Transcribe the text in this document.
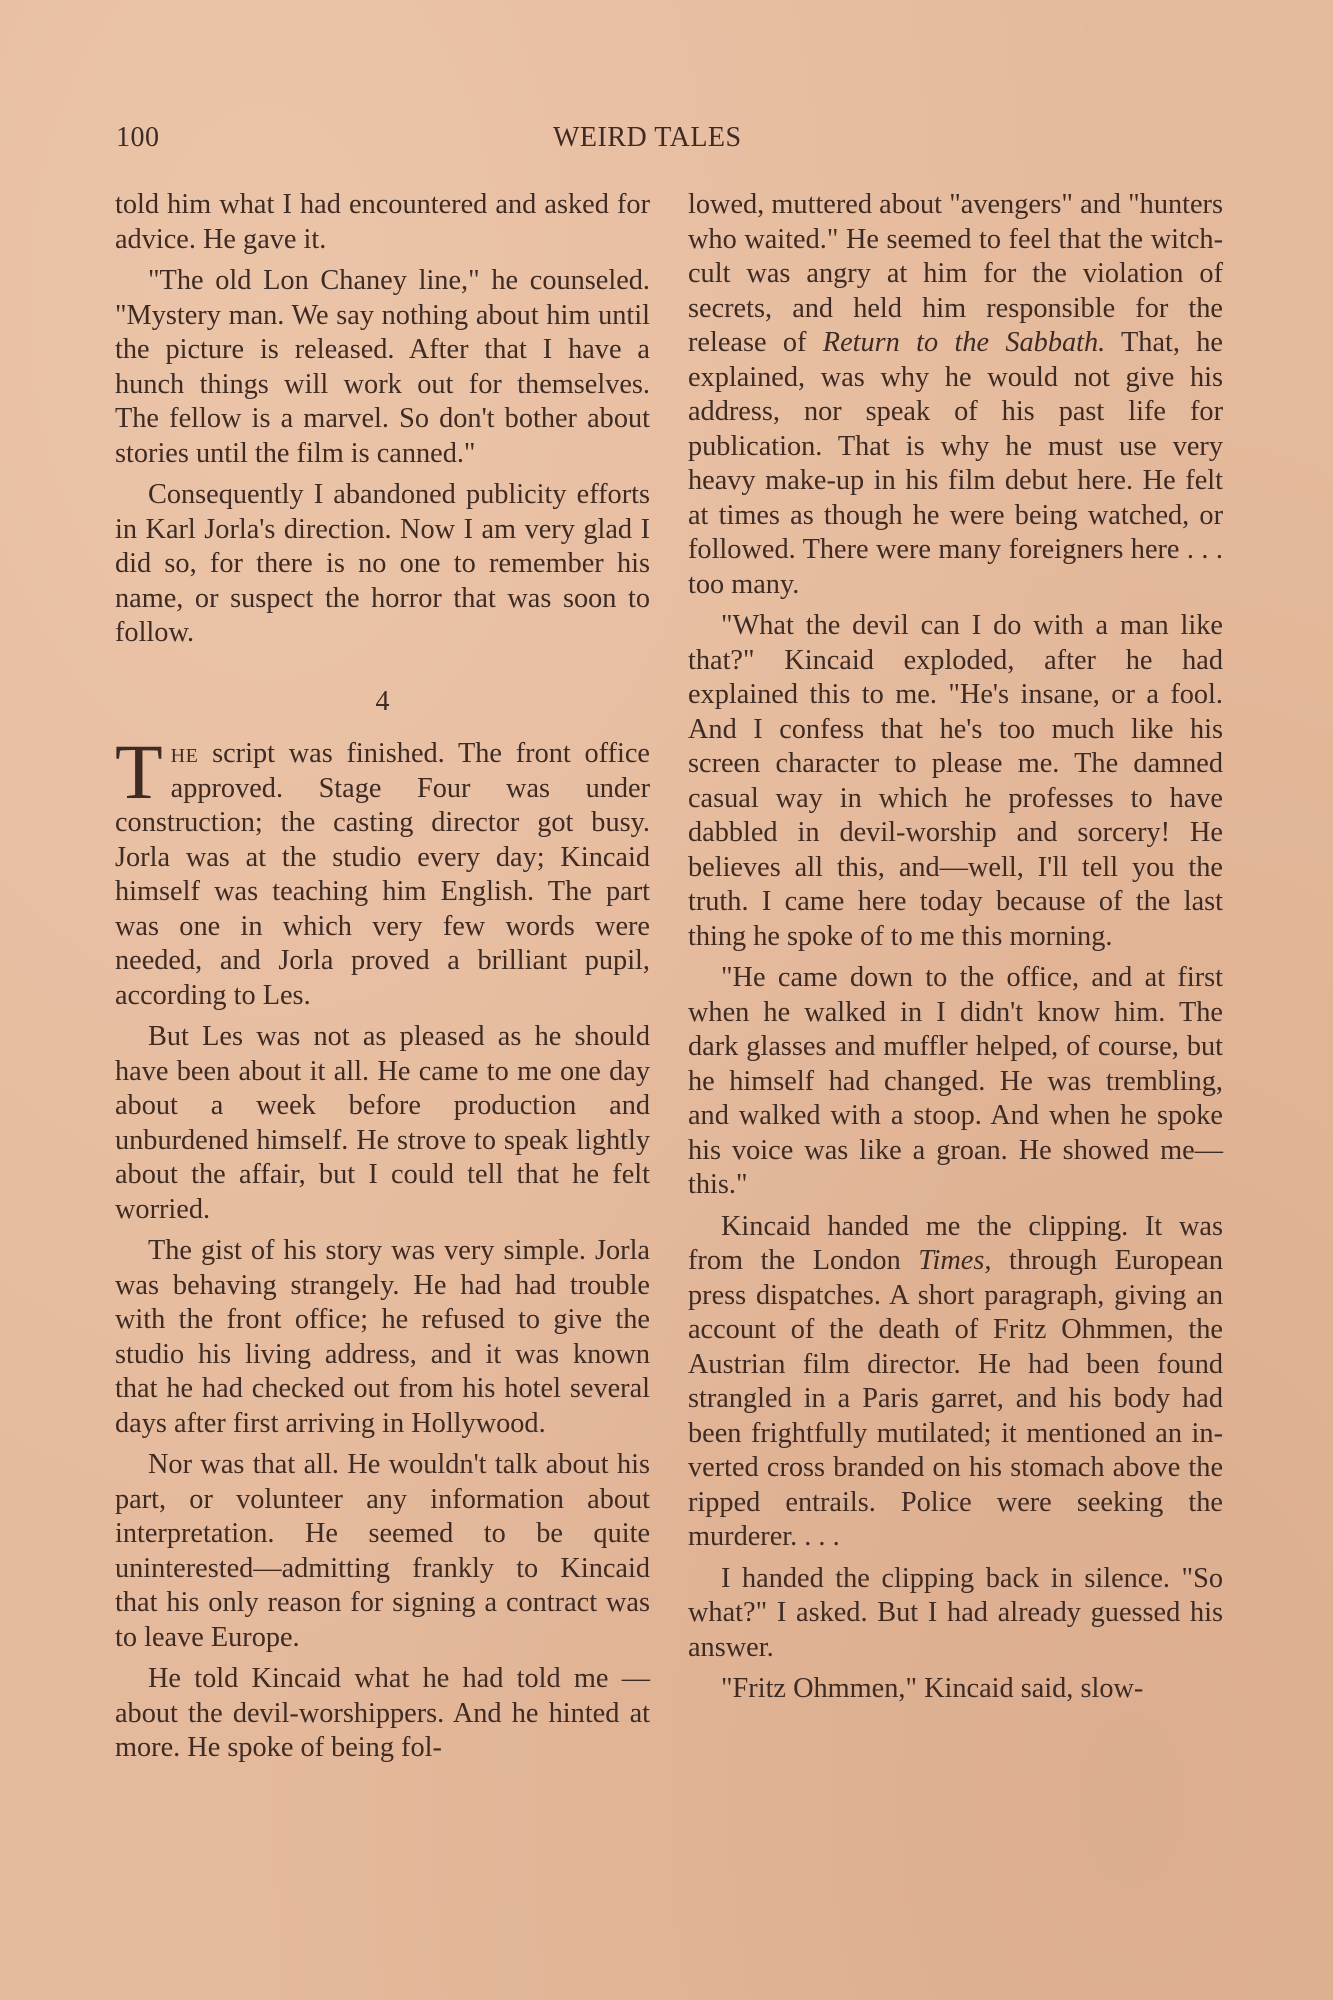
100	WEIRD TALES

told him what I had encountered and asked for advice. He gave it.

"The old Lon Chaney line," he counseled. "Mystery man. We say nothing about him until the picture is released. After that I have a hunch things will work out for themselves. The fellow is a marvel. So don't bother about stories until the film is canned."

Consequently I abandoned publicity efforts in Karl Jorla's direction. Now I am very glad I did so, for there is no one to remember his name, or suspect the horror that was soon to follow.

4

The script was finished. The front office approved. Stage Four was under construction; the casting director got busy. Jorla was at the studio every day; Kincaid himself was teaching him English. The part was one in which very few words were needed, and Jorla proved a brilliant pupil, according to Les.

But Les was not as pleased as he should have been about it all. He came to me one day about a week before production and unburdened himself. He strove to speak lightly about the affair, but I could tell that he felt worried.

The gist of his story was very simple. Jorla was behaving strangely. He had had trouble with the front office; he refused to give the studio his living address, and it was known that he had checked out from his hotel several days after first arriving in Hollywood.

Nor was that all. He wouldn't talk about his part, or volunteer any information about interpretation. He seemed to be quite uninterested—admitting frankly to Kincaid that his only reason for signing a contract was to leave Europe.

He told Kincaid what he had told me —about the devil-worshippers. And he hinted at more. He spoke of being fol-

lowed, muttered about "avengers" and "hunters who waited." He seemed to feel that the witch-cult was angry at him for the violation of secrets, and held him responsible for the release of Return to the Sabbath. That, he explained, was why he would not give his address, nor speak of his past life for publication. That is why he must use very heavy make-up in his film debut here. He felt at times as though he were being watched, or followed. There were many foreigners here . . . too many.

"What the devil can I do with a man like that?" Kincaid exploded, after he had explained this to me. "He's insane, or a fool. And I confess that he's too much like his screen character to please me. The damned casual way in which he professes to have dabbled in devil-worship and sorcery! He believes all this, and—well, I'll tell you the truth. I came here today because of the last thing he spoke of to me this morning.

"He came down to the office, and at first when he walked in I didn't know him. The dark glasses and muffler helped, of course, but he himself had changed. He was trembling, and walked with a stoop. And when he spoke his voice was like a groan. He showed me— this."

Kincaid handed me the clipping. It was from the London Times, through European press dispatches. A short paragraph, giving an account of the death of Fritz Ohmmen, the Austrian film director. He had been found strangled in a Paris garret, and his body had been frightfully mutilated; it mentioned an inverted cross branded on his stomach above the ripped entrails. Police were seeking the murderer. . . .

I handed the clipping back in silence. "So what?" I asked. But I had already guessed his answer.

"Fritz Ohmmen," Kincaid said, slow-
